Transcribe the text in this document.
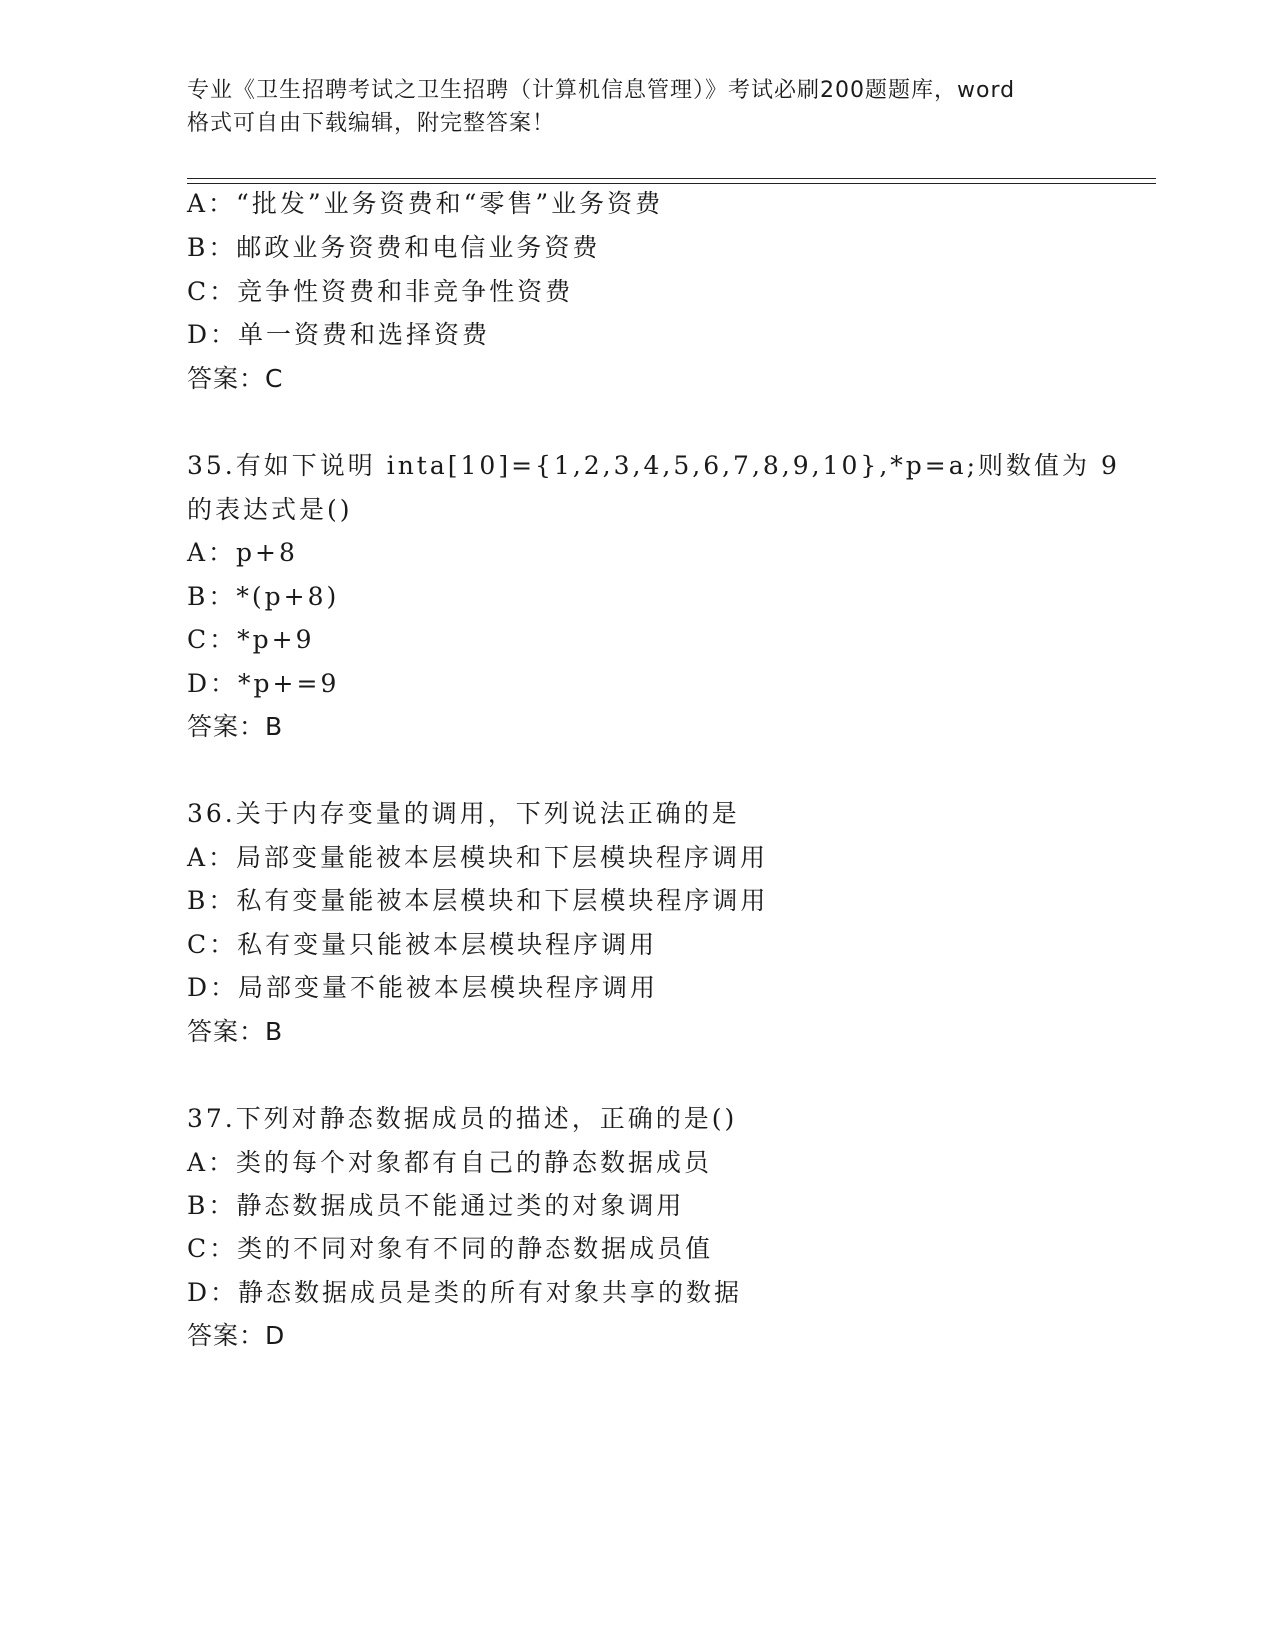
专业《卫生招聘考试之卫生招聘（计算机信息管理）》考试必刷200题题库，word
格式可自由下载编辑，附完整答案！
A：“批发”业务资费和“零售”业务资费
B：邮政业务资费和电信业务资费
C：竞争性资费和非竞争性资费
D：单一资费和选择资费
答案：C
35.有如下说明 inta[10]={1,2,3,4,5,6,7,8,9,10},*p=a;则数值为 9
的表达式是()
A：p+8
B：*(p+8)
C：*p+9
D：*p+=9
答案：B
36.关于内存变量的调用，下列说法正确的是
A：局部变量能被本层模块和下层模块程序调用
B：私有变量能被本层模块和下层模块程序调用
C：私有变量只能被本层模块程序调用
D：局部变量不能被本层模块程序调用
答案：B
37.下列对静态数据成员的描述，正确的是()
A：类的每个对象都有自己的静态数据成员
B：静态数据成员不能通过类的对象调用
C：类的不同对象有不同的静态数据成员值
D：静态数据成员是类的所有对象共享的数据
答案：D
